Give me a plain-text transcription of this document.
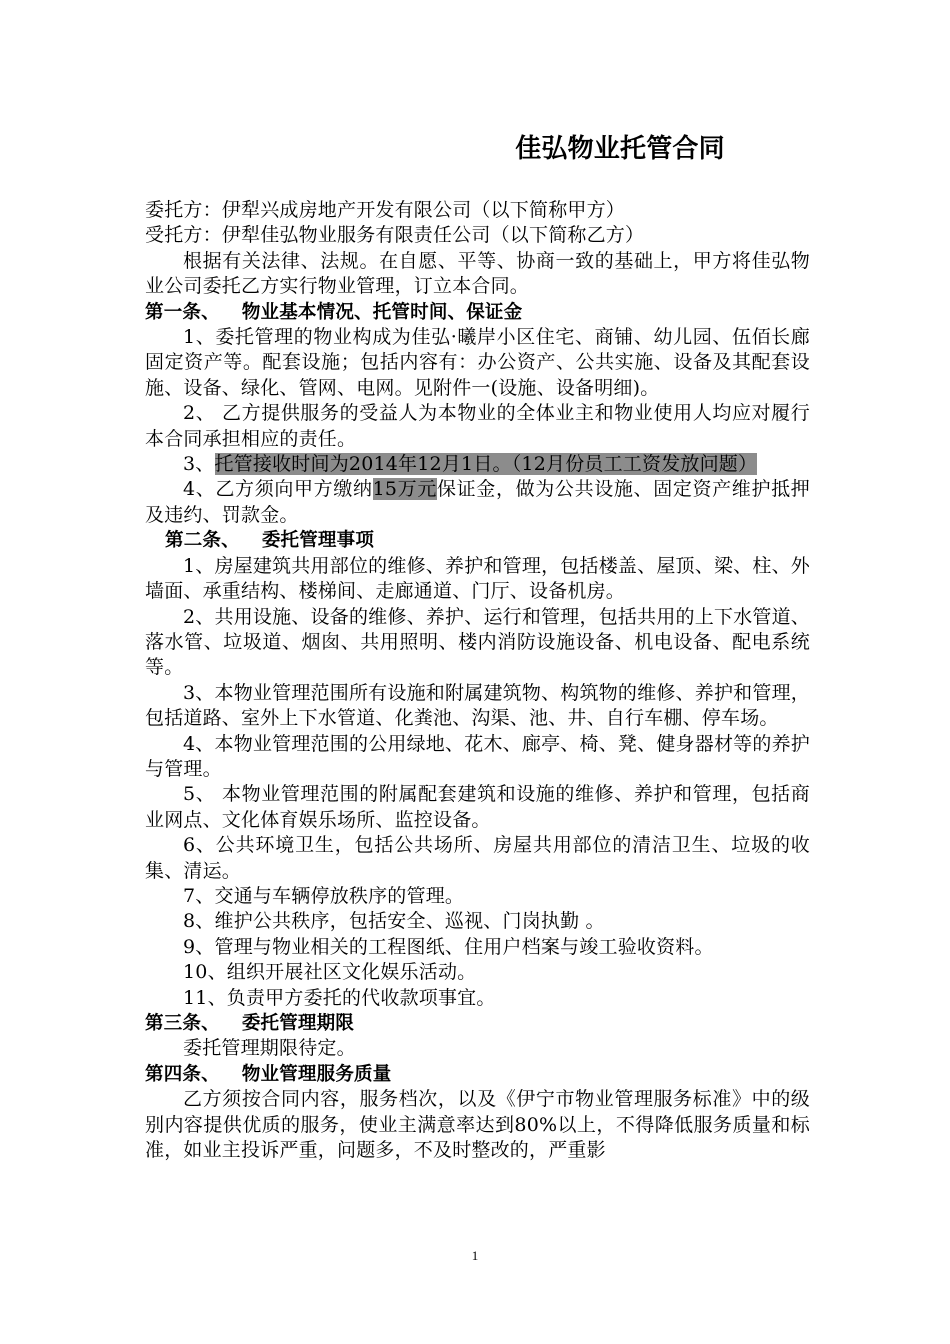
佳弘物业托管合同

委托方：伊犁兴成房地产开发有限公司（以下简称甲方）

受托方：伊犁佳弘物业服务有限责任公司（以下简称乙方）

根据有关法律、法规。在自愿、平等、协商一致的基础上，甲方将佳弘物业公司委托乙方实行物业管理，订立本合同。

第一条、 物业基本情况、托管时间、保证金

1、委托管理的物业构成为佳弘·曦岸小区住宅、商铺、幼儿园、伍佰长廊固定资产等。配套设施；包括内容有：办公资产、公共实施、设备及其配套设施、设备、绿化、管网、电网。见附件一(设施、设备明细)。

2、 乙方提供服务的受益人为本物业的全体业主和物业使用人均应对履行本合同承担相应的责任。

3、托管接收时间为2014年12月1日。（12月份员工工资发放问题）

4、乙方须向甲方缴纳15万元保证金，做为公共设施、固定资产维护抵押及违约、罚款金。

第二条、 委托管理事项

1、房屋建筑共用部位的维修、养护和管理，包括楼盖、屋顶、梁、柱、外墙面、承重结构、楼梯间、走廊通道、门厅、设备机房。

2、共用设施、设备的维修、养护、运行和管理，包括共用的上下水管道、落水管、垃圾道、烟囱、共用照明、楼内消防设施设备、机电设备、配电系统等。

3、本物业管理范围所有设施和附属建筑物、构筑物的维修、养护和管理，包括道路、室外上下水管道、化粪池、沟渠、池、井、自行车棚、停车场。

4、本物业管理范围的公用绿地、花木、廊亭、椅、凳、健身器材等的养护与管理。

5、 本物业管理范围的附属配套建筑和设施的维修、养护和管理，包括商业网点、文化体育娱乐场所、监控设备。

6、公共环境卫生，包括公共场所、房屋共用部位的清洁卫生、垃圾的收集、清运。

7、交通与车辆停放秩序的管理。

8、维护公共秩序，包括安全、巡视、门岗执勤 。

9、管理与物业相关的工程图纸、住用户档案与竣工验收资料。

10、组织开展社区文化娱乐活动。

11、负责甲方委托的代收款项事宜。

第三条、 委托管理期限

委托管理期限待定。

第四条、 物业管理服务质量

乙方须按合同内容，服务档次，以及《伊宁市物业管理服务标准》中的级别内容提供优质的服务，使业主满意率达到80%以上，不得降低服务质量和标准，如业主投诉严重，问题多，不及时整改的，严重影

1
